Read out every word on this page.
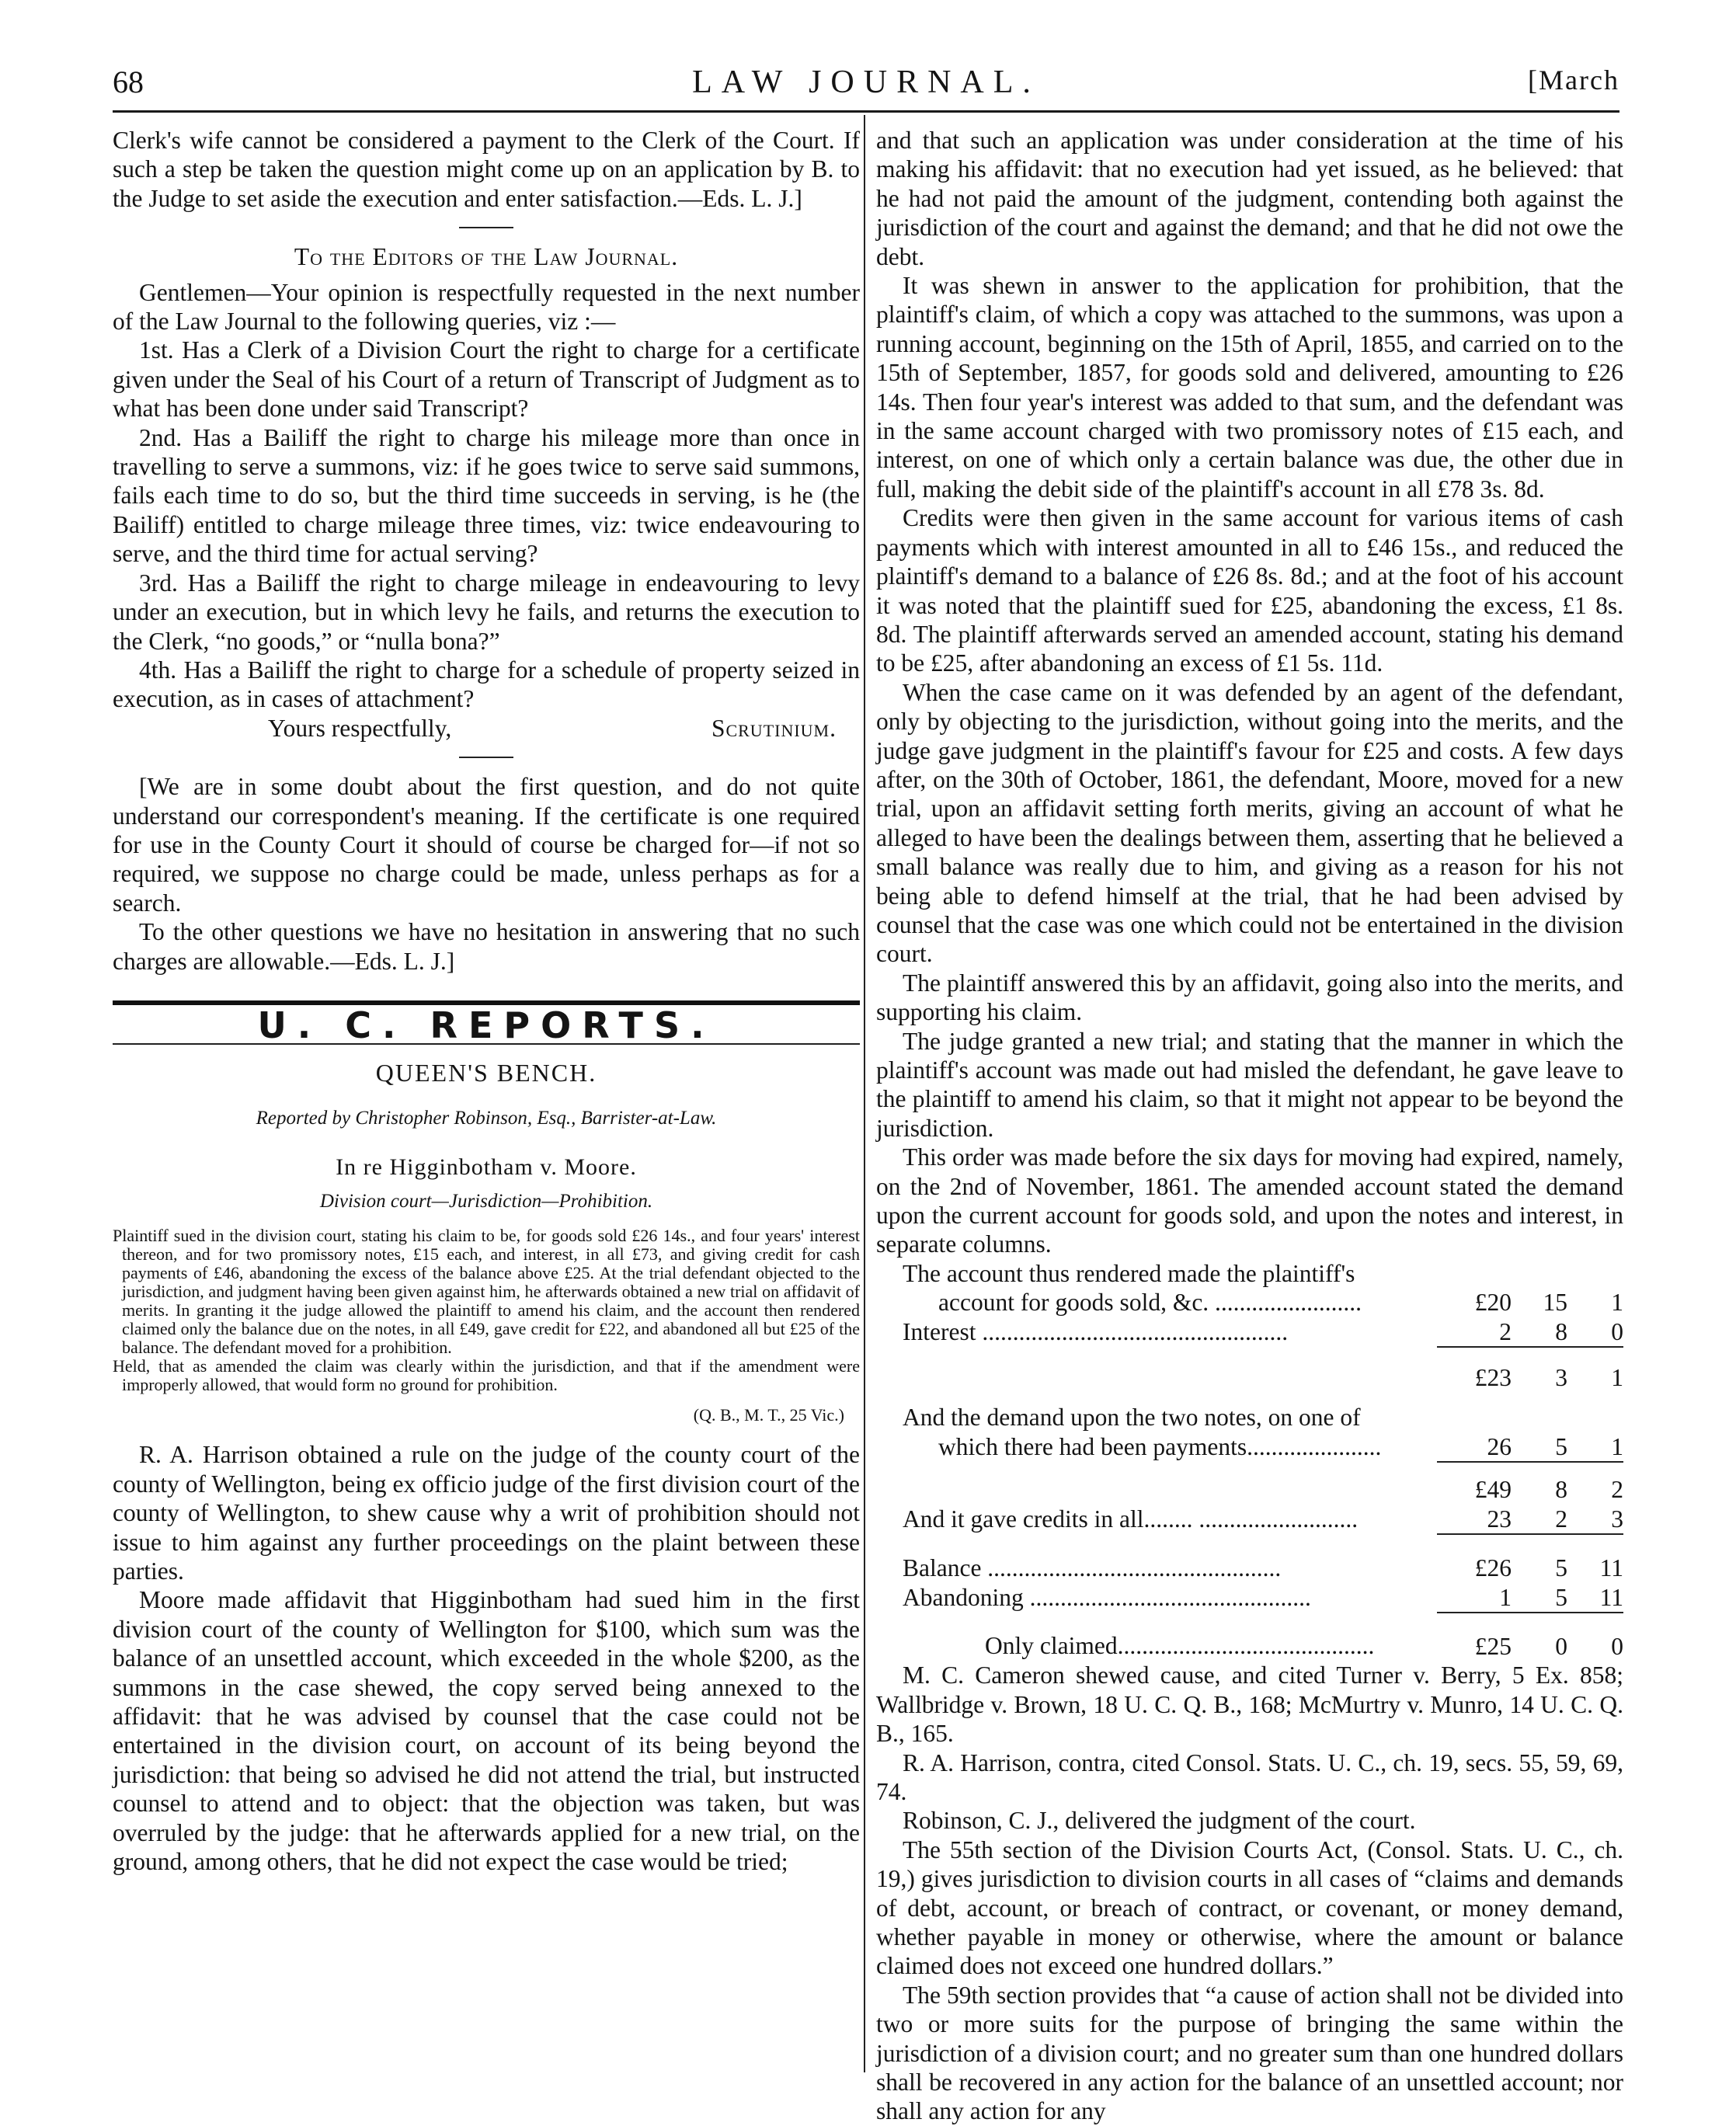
68	LAW JOURNAL.	[March

Clerk's wife cannot be considered a payment to the Clerk of the Court. If such a step be taken the question might come up on an application by B. to the Judge to set aside the execution and enter satisfaction.—Eds. L. J.]

To the Editors of the Law Journal.

Gentlemen—Your opinion is respectfully requested in the next number of the Law Journal to the following queries, viz :—

1st. Has a Clerk of a Division Court the right to charge for a certificate given under the Seal of his Court of a return of Transcript of Judgment as to what has been done under said Transcript?

2nd. Has a Bailiff the right to charge his mileage more than once in travelling to serve a summons, viz: if he goes twice to serve said summons, fails each time to do so, but the third time succeeds in serving, is he (the Bailiff) entitled to charge mileage three times, viz: twice endeavouring to serve, and the third time for actual serving?

3rd. Has a Bailiff the right to charge mileage in endeavouring to levy under an execution, but in which levy he fails, and returns the execution to the Clerk, “no goods,” or “nulla bona?”

4th. Has a Bailiff the right to charge for a schedule of property seized in execution, as in cases of attachment?

Yours respectfully,	Scrutinium.

[We are in some doubt about the first question, and do not quite understand our correspondent's meaning. If the certificate is one required for use in the County Court it should of course be charged for—if not so required, we suppose no charge could be made, unless perhaps as for a search.

To the other questions we have no hesitation in answering that no such charges are allowable.—Eds. L. J.]

U. C. REPORTS.
QUEEN'S BENCH.
Reported by Christopher Robinson, Esq., Barrister-at-Law.
In re Higginbotham v. Moore.
Division court—Jurisdiction—Prohibition.

Plaintiff sued in the division court, stating his claim to be, for goods sold £26 14s., and four years' interest thereon, and for two promissory notes, £15 each, and interest, in all £73, and giving credit for cash payments of £46, abandoning the excess of the balance above £25. At the trial defendant objected to the jurisdiction, and judgment having been given against him, he afterwards obtained a new trial on affidavit of merits. In granting it the judge allowed the plaintiff to amend his claim, and the account then rendered claimed only the balance due on the notes, in all £49, gave credit for £22, and abandoned all but £25 of the balance. The defendant moved for a prohibition.

Held, that as amended the claim was clearly within the jurisdiction, and that if the amendment were improperly allowed, that would form no ground for prohibition.

(Q. B., M. T., 25 Vic.)

R. A. Harrison obtained a rule on the judge of the county court of the county of Wellington, being ex officio judge of the first division court of the county of Wellington, to shew cause why a writ of prohibition should not issue to him against any further proceedings on the plaint between these parties.

Moore made affidavit that Higginbotham had sued him in the first division court of the county of Wellington for $100, which sum was the balance of an unsettled account, which exceeded in the whole $200, as the summons in the case shewed, the copy served being annexed to the affidavit: that he was advised by counsel that the case could not be entertained in the division court, on account of its being beyond the jurisdiction: that being so advised he did not attend the trial, but instructed counsel to attend and to object: that the objection was taken, but was overruled by the judge: that he afterwards applied for a new trial, on the ground, among others, that he did not expect the case would be tried;

and that such an application was under consideration at the time of his making his affidavit: that no execution had yet issued, as he believed: that he had not paid the amount of the judgment, contending both against the jurisdiction of the court and against the demand; and that he did not owe the debt.

It was shewn in answer to the application for prohibition, that the plaintiff's claim, of which a copy was attached to the summons, was upon a running account, beginning on the 15th of April, 1855, and carried on to the 15th of September, 1857, for goods sold and delivered, amounting to £26 14s. Then four year's interest was added to that sum, and the defendant was in the same account charged with two promissory notes of £15 each, and interest, on one of which only a certain balance was due, the other due in full, making the debit side of the plaintiff's account in all £78 3s. 8d.

Credits were then given in the same account for various items of cash payments which with interest amounted in all to £46 15s., and reduced the plaintiff's demand to a balance of £26 8s. 8d.; and at the foot of his account it was noted that the plaintiff sued for £25, abandoning the excess, £1 8s. 8d. The plaintiff afterwards served an amended account, stating his demand to be £25, after abandoning an excess of £1 5s. 11d.

When the case came on it was defended by an agent of the defendant, only by objecting to the jurisdiction, without going into the merits, and the judge gave judgment in the plaintiff's favour for £25 and costs. A few days after, on the 30th of October, 1861, the defendant, Moore, moved for a new trial, upon an affidavit setting forth merits, giving an account of what he alleged to have been the dealings between them, asserting that he believed a small balance was really due to him, and giving as a reason for his not being able to defend himself at the trial, that he had been advised by counsel that the case was one which could not be entertained in the division court.

The plaintiff answered this by an affidavit, going also into the merits, and supporting his claim.

The judge granted a new trial; and stating that the manner in which the plaintiff's account was made out had misled the defendant, he gave leave to the plaintiff to amend his claim, so that it might not appear to be beyond the jurisdiction.

This order was made before the six days for moving had expired, namely, on the 2nd of November, 1861. The amended account stated the demand upon the current account for goods sold, and upon the notes and interest, in separate columns.

The account thus rendered made the plaintiff's			
account for goods sold, &c. ........................	£20	15	1
Interest ..................................................	2	8	0
	£23	3	1
And the demand upon the two notes, on one of			
which there had been payments......................	26	5	1
	£49	8	2
And it gave credits in all........ ..........................	23	2	3
Balance ................................................	£26	5	11
Abandoning ..............................................	1	5	11
Only claimed..........................................	£25	0	0

M. C. Cameron shewed cause, and cited Turner v. Berry, 5 Ex. 858; Wallbridge v. Brown, 18 U. C. Q. B., 168; McMurtry v. Munro, 14 U. C. Q. B., 165.

R. A. Harrison, contra, cited Consol. Stats. U. C., ch. 19, secs. 55, 59, 69, 74.

Robinson, C. J., delivered the judgment of the court.

The 55th section of the Division Courts Act, (Consol. Stats. U. C., ch. 19,) gives jurisdiction to division courts in all cases of “claims and demands of debt, account, or breach of contract, or covenant, or money demand, whether payable in money or otherwise, where the amount or balance claimed does not exceed one hundred dollars.”

The 59th section provides that “a cause of action shall not be divided into two or more suits for the purpose of bringing the same within the jurisdiction of a division court; and no greater sum than one hundred dollars shall be recovered in any action for the balance of an unsettled account; nor shall any action for any
